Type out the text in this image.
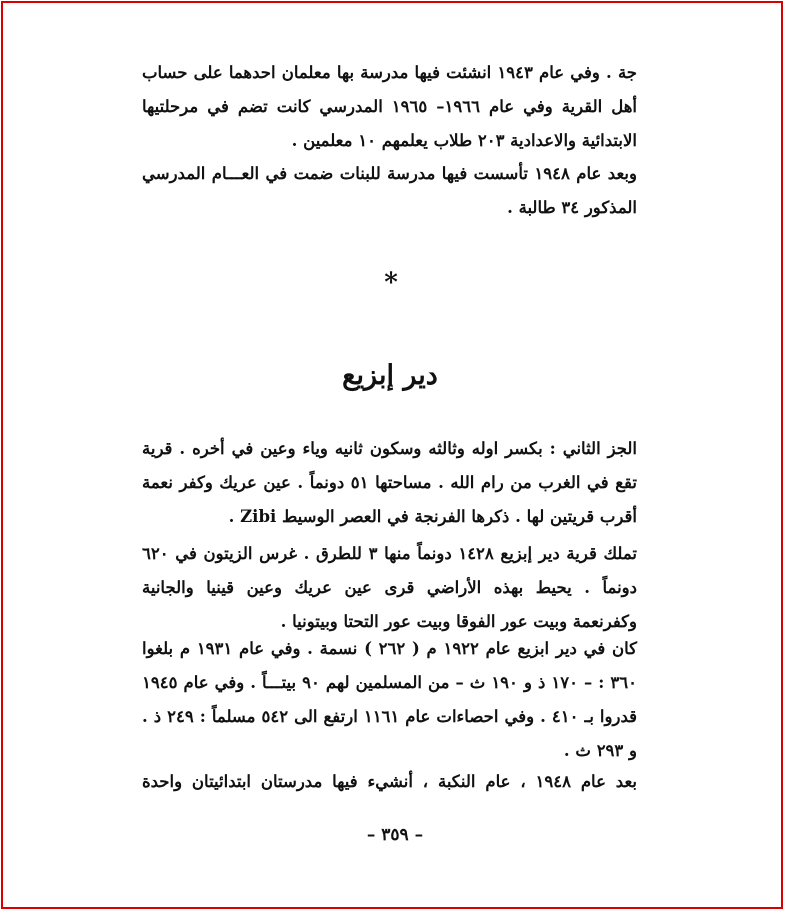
جة . وفي عام ١٩٤٣ انشئت فيها مدرسة بها معلمان احدهما على حساب أهل القرية وفي عام ١٩٦٦– ١٩٦٥ المدرسي كانت تضم في مرحلتيها الابتدائية والاعدادية ٢٠٣ طلاب يعلمهم ١٠ معلمين .
وبعد عام ١٩٤٨ تأسست فيها مدرسة للبنات ضمت في العـــام المدرسي المذكور ٣٤ طالبة .
*
دير إبزيع
الجز الثاني : بكسر اوله وثالثه وسكون ثانيه وياء وعين في أخره . قرية تقع في الغرب من رام الله . مساحتها ٥١ دونماً . عين عريك وكفر نعمة أقرب قريتين لها . ذكرها الفرنجة في العصر الوسيط Zibi .
تملك قرية دير إبزيع ١٤٢٨ دونماً منها ٣ للطرق . غرس الزيتون في ٦٢٠ دونماً . يحيط بهذه الأراضي قرى عين عريك وعين قينيا والجانية وكفرنعمة وبيت عور الفوقا وبيت عور التحتا وبيتونيا .
كان في دير ابزيع عام ١٩٢٢ م ( ٢٦٢ ) نسمة . وفي عام ١٩٣١ م بلغوا ٣٦٠ : – ١٧٠ ذ و ١٩٠ ث – من المسلمين لهم ٩٠ بيتـــاً . وفي عام ١٩٤٥ قدروا بـ ٤١٠ . وفي احصاءات عام ١١٦١ ارتفع الى ٥٤٢ مسلماً : ٢٤٩ ذ . و ٢٩٣ ث .
بعد عام ١٩٤٨ ، عام النكبة ، أنشيء فيها مدرستان ابتدائيتان واحدة
– ٣٥٩ –
